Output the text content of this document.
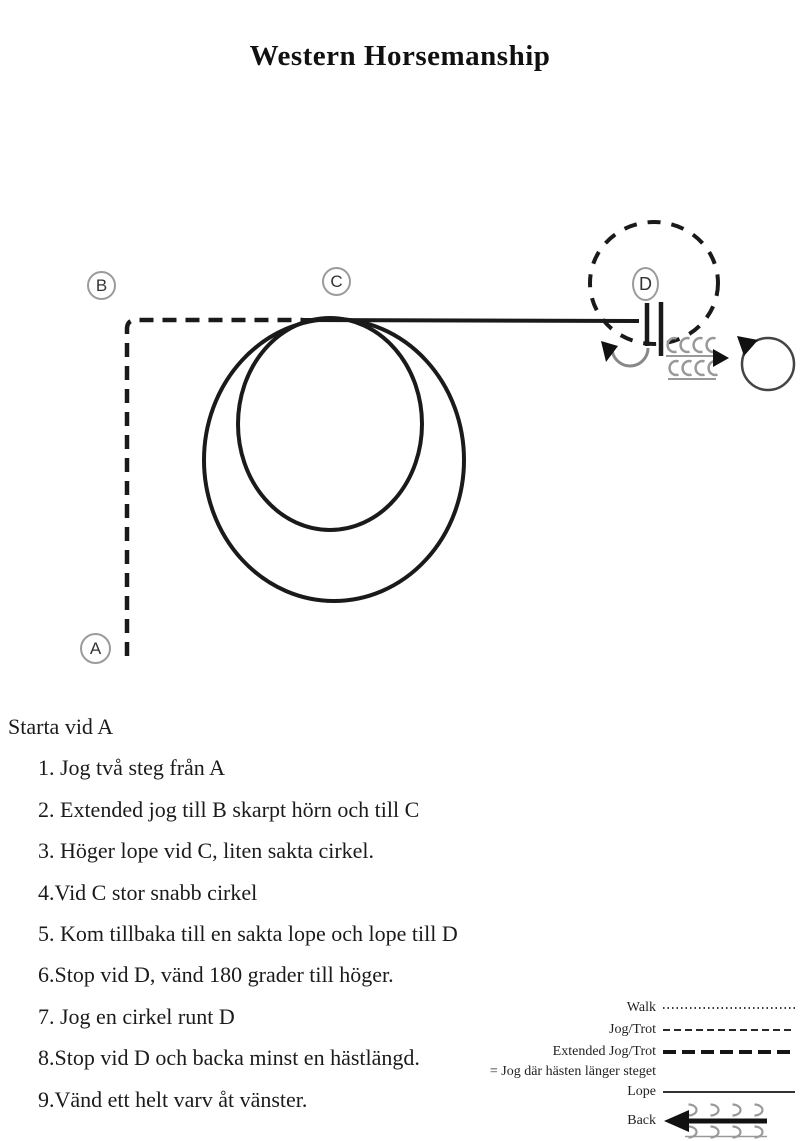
Western Horsemanship
A
B	C	D
Starta vid A
1. Jog två steg från A
2. Extended jog till B skarpt hörn och till C
3. Höger lope vid C, liten sakta cirkel.
4.Vid C stor snabb cirkel
5. Kom tillbaka till en sakta lope och lope till D
6.Stop vid D, vänd 180 grader till höger.
7. Jog en cirkel runt D
8.Stop vid D och backa minst en hästlängd.
9.Vänd ett helt varv åt vänster.
Walk
Jog/Trot
Extended Jog/Trot
= Jog där hästen länger steget
Lope
Back
